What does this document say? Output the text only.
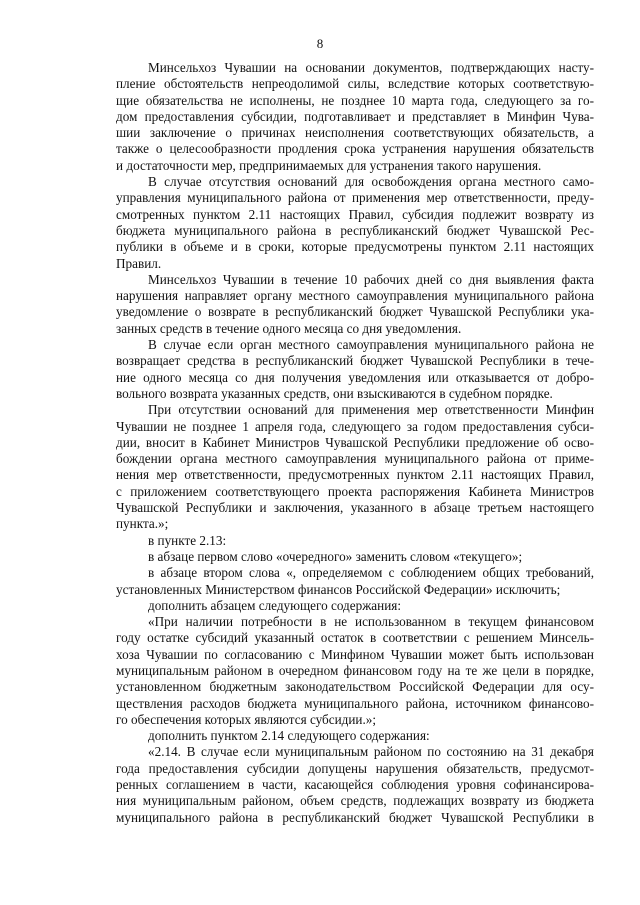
8
Минсельхоз Чувашии на основании документов, подтверждающих насту-
пление обстоятельств непреодолимой силы, вследствие которых соответствую-
щие обязательства не исполнены, не позднее 10 марта года, следующего за го-
дом предоставления субсидии, подготавливает и представляет в Минфин Чува-
шии заключение о причинах неисполнения соответствующих обязательств, а
также о целесообразности продления срока устранения нарушения обязательств
и достаточности мер, предпринимаемых для устранения такого нарушения.
В случае отсутствия оснований для освобождения органа местного само-
управления муниципального района от применения мер ответственности, преду-
смотренных пунктом 2.11 настоящих Правил, субсидия подлежит возврату из
бюджета муниципального района в республиканский бюджет Чувашской Рес-
публики в объеме и в сроки, которые предусмотрены пунктом 2.11 настоящих
Правил.
Минсельхоз Чувашии в течение 10 рабочих дней со дня выявления факта
нарушения направляет органу местного самоуправления муниципального района
уведомление о возврате в республиканский бюджет Чувашской Республики ука-
занных средств в течение одного месяца со дня уведомления.
В случае если орган местного самоуправления муниципального района не
возвращает средства в республиканский бюджет Чувашской Республики в тече-
ние одного месяца со дня получения уведомления или отказывается от добро-
вольного возврата указанных средств, они взыскиваются в судебном порядке.
При отсутствии оснований для применения мер ответственности Минфин
Чувашии не позднее 1 апреля года, следующего за годом предоставления субси-
дии, вносит в Кабинет Министров Чувашской Республики предложение об осво-
бождении органа местного самоуправления муниципального района от приме-
нения мер ответственности, предусмотренных пунктом 2.11 настоящих Правил,
с приложением соответствующего проекта распоряжения Кабинета Министров
Чувашской Республики и заключения, указанного в абзаце третьем настоящего
пункта.»;
в пункте 2.13:
в абзаце первом слово «очередного» заменить словом «текущего»;
в абзаце втором слова «, определяемом с соблюдением общих требований,
установленных Министерством финансов Российской Федерации» исключить;
дополнить абзацем следующего содержания:
«При наличии потребности в не использованном в текущем финансовом
году остатке субсидий указанный остаток в соответствии с решением Минсель-
хоза Чувашии по согласованию с Минфином Чувашии может быть использован
муниципальным районом в очередном финансовом году на те же цели в порядке,
установленном бюджетным законодательством Российской Федерации для осу-
ществления расходов бюджета муниципального района, источником финансово-
го обеспечения которых являются субсидии.»;
дополнить пунктом 2.14 следующего содержания:
«2.14. В случае если муниципальным районом по состоянию на 31 декабря
года предоставления субсидии допущены нарушения обязательств, предусмот-
ренных соглашением в части, касающейся соблюдения уровня софинансирова-
ния муниципальным районом, объем средств, подлежащих возврату из бюджета
муниципального района в республиканский бюджет Чувашской Республики в
